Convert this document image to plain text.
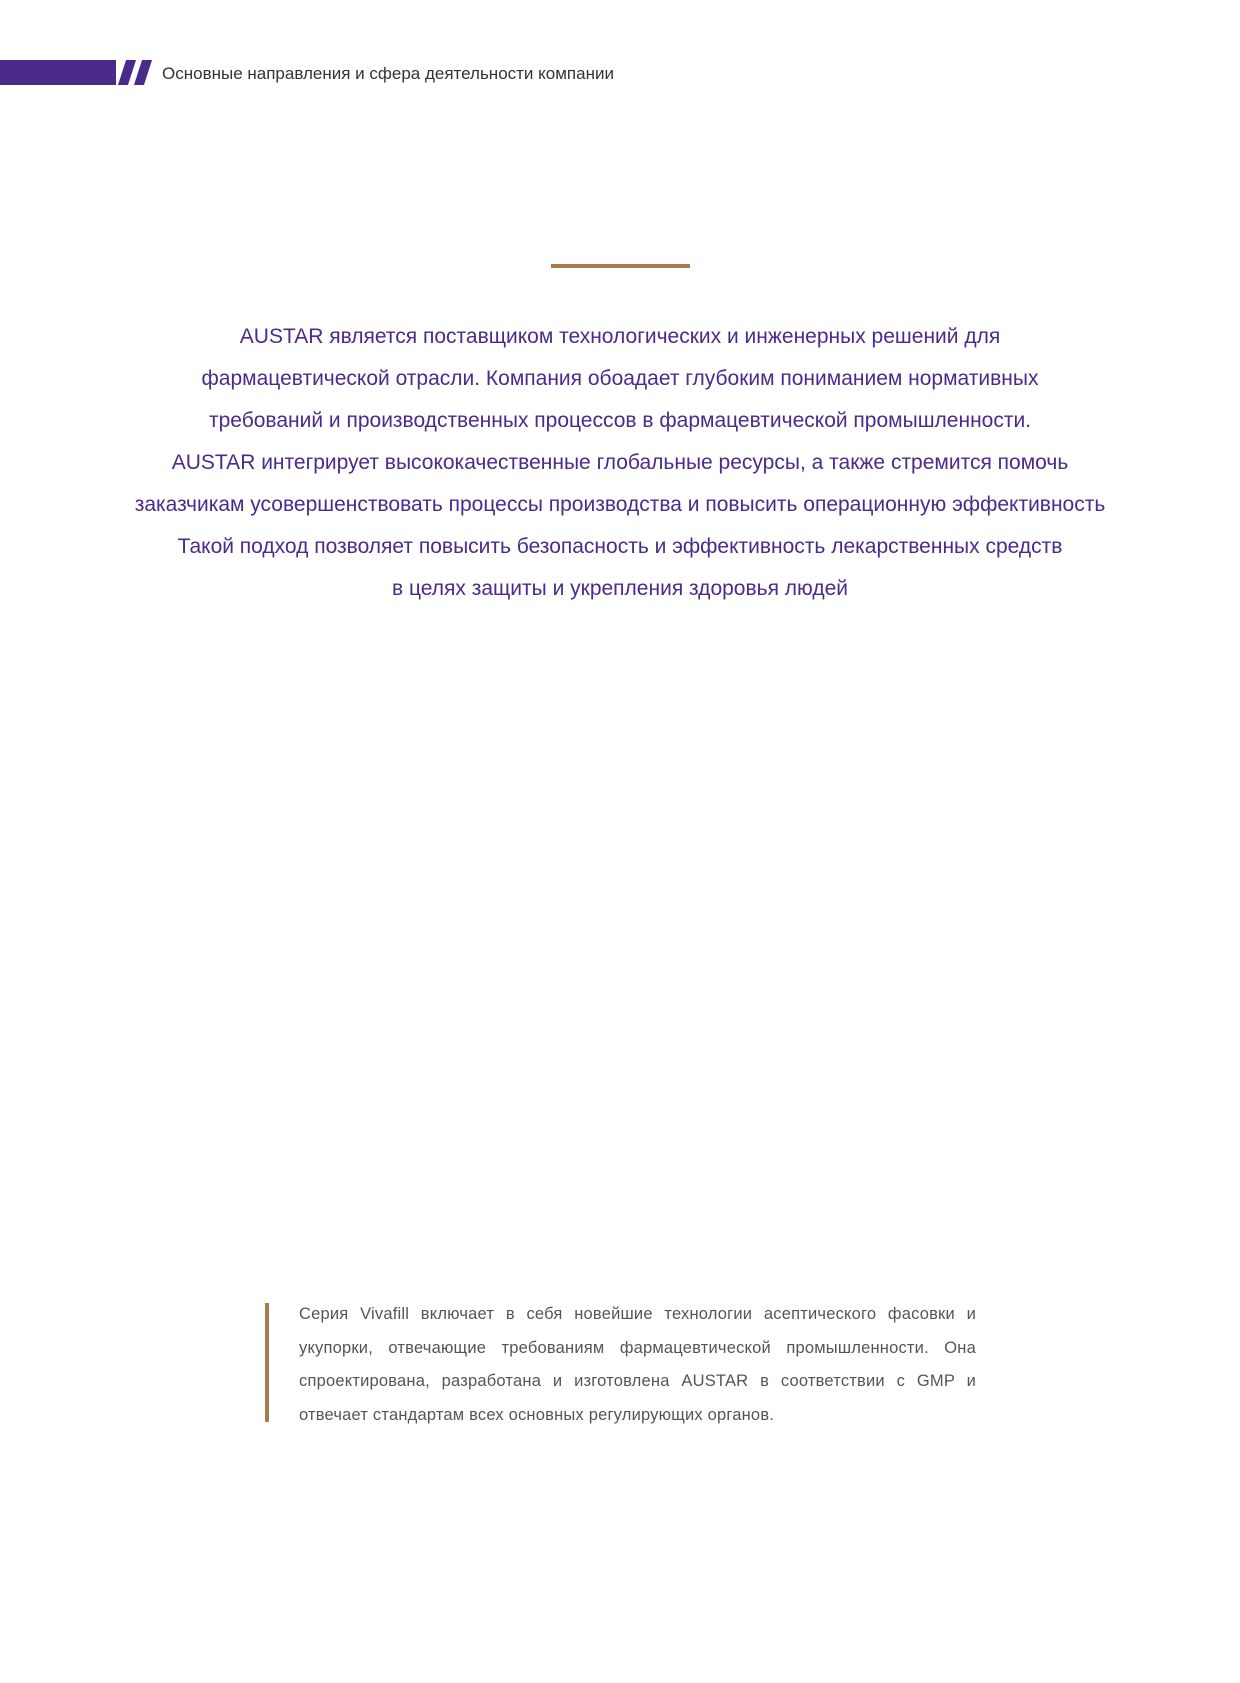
Основные направления и сфера деятельности компании
AUSTAR является поставщиком технологических и инженерных решений для
фармацевтической отрасли. Компания обоадает глубоким пониманием нормативных
требований и производственных процессов в фармацевтической промышленности.
AUSTAR интегрирует высококачественные глобальные ресурсы, а также стремится помочь
заказчикам усовершенствовать процессы производства и повысить операционную эффективность
Такой подход позволяет повысить безопасность и эффективность лекарственных средств
в целях защиты и укрепления здоровья людей
Серия Vivafill включает в себя новейшие технологии асептического фасовки и укупорки, отвечающие требованиям фармацевтической промышленности. Она спроектирована, разработана и изготовлена AUSTAR в соответствии с GMP и отвечает стандартам всех основных регулирующих органов.
